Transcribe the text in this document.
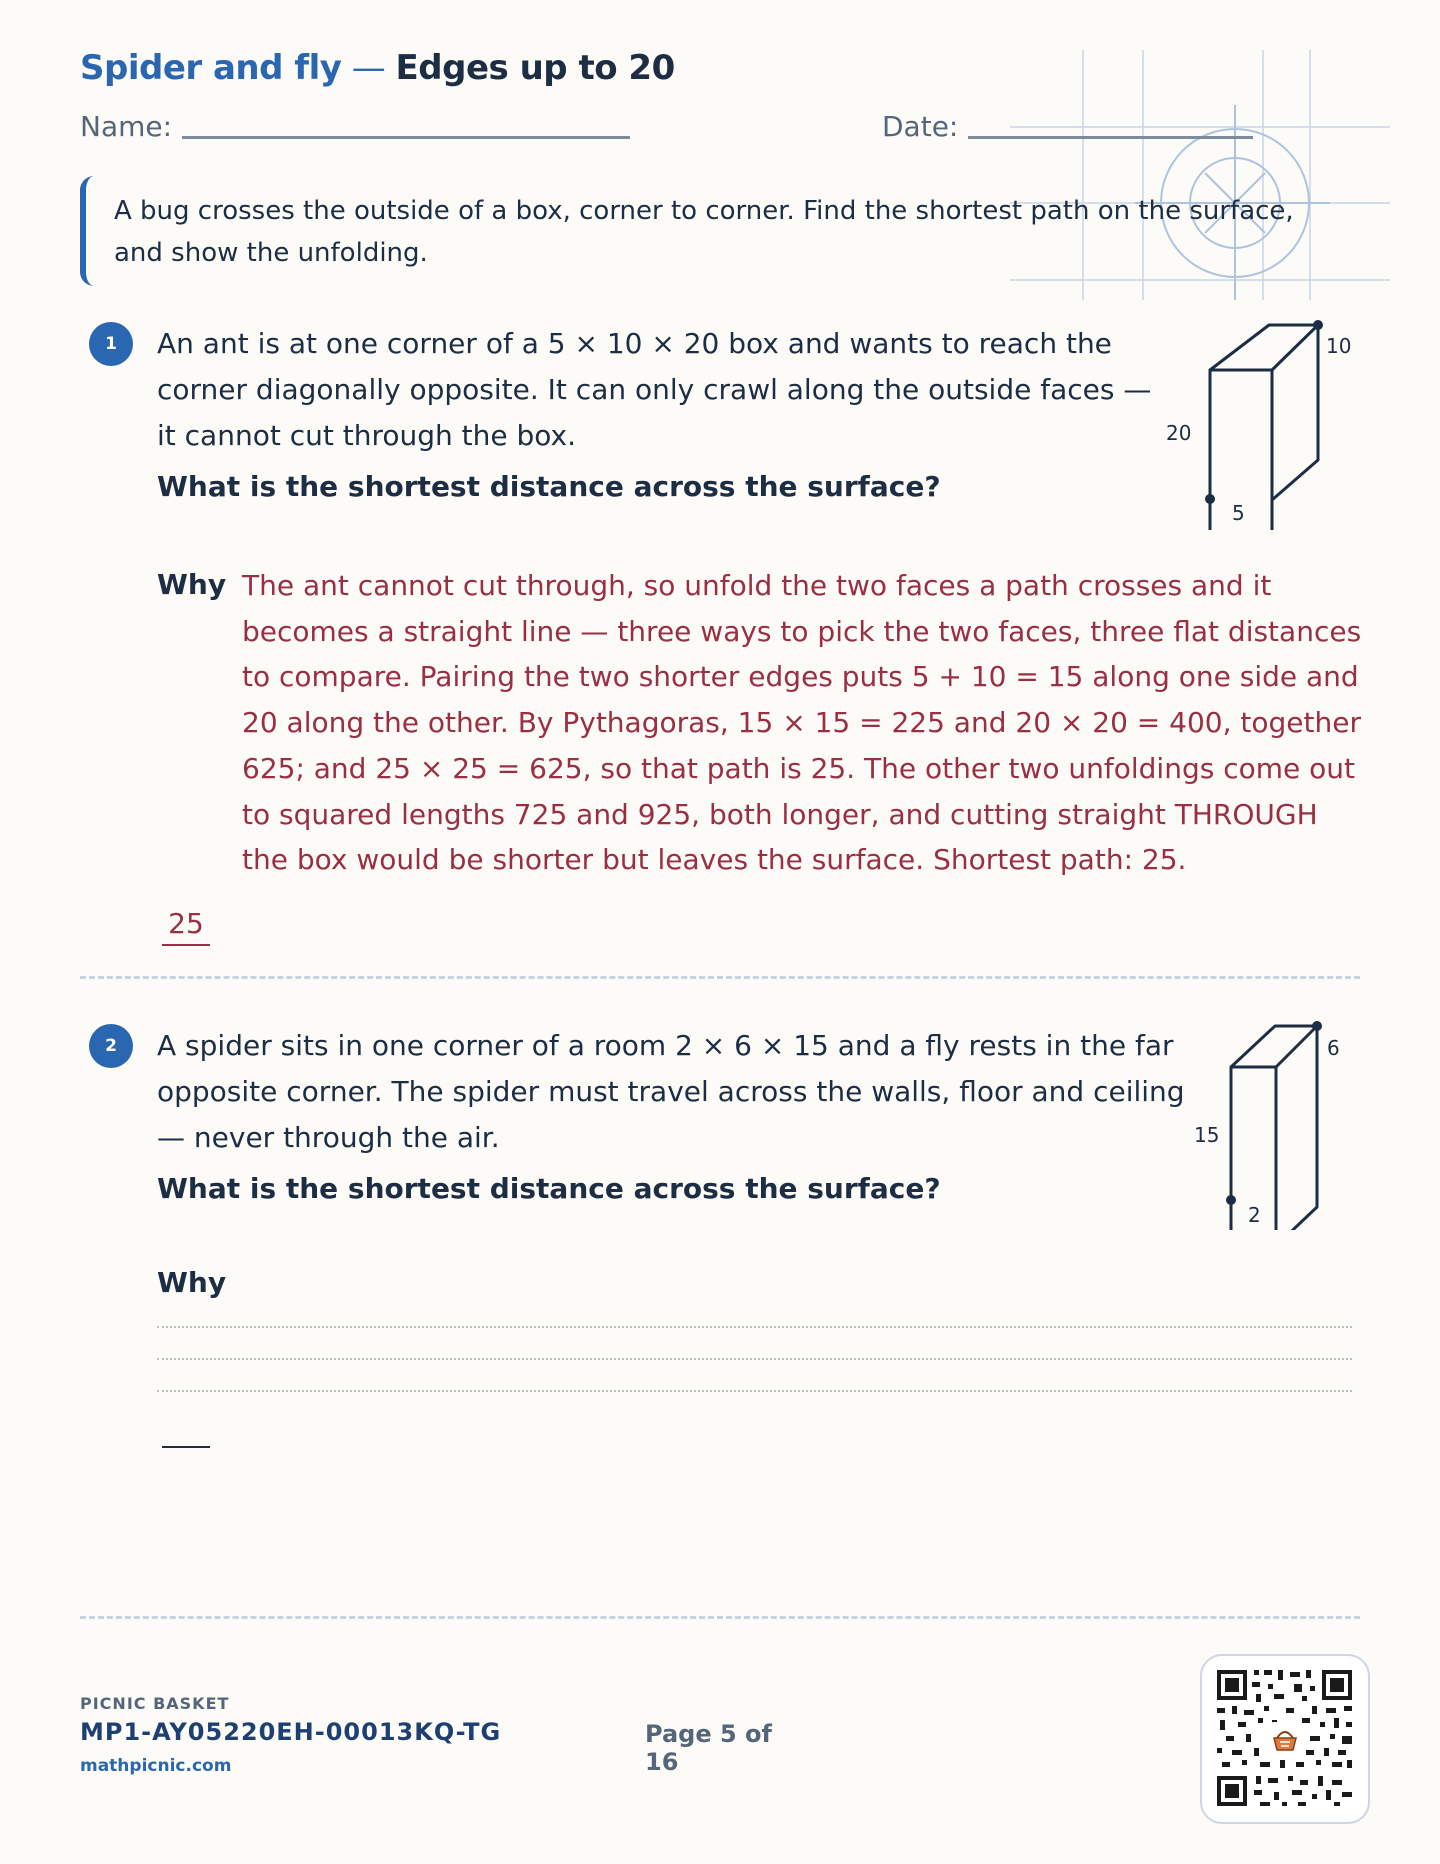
Spider and fly — Edges up to 20
Name:	Date:

A bug crosses the outside of a box, corner to corner. Find the shortest path on the surface, and show the unfolding.

1	An ant is at one corner of a 5 × 10 × 20 box and wants to reach the corner diagonally opposite. It can only crawl along the outside faces — it cannot cut through the box.

What is the shortest distance across the surface?
20
5
10
Why The ant cannot cut through, so unfold the two faces a path crosses and it becomes a straight line — three ways to pick the two faces, three flat distances to compare. Pairing the two shorter edges puts 5 + 10 = 15 along one side and 20 along the other. By Pythagoras, 15 × 15 = 225 and 20 × 20 = 400, together 625; and 25 × 25 = 625, so that path is 25. The other two unfoldings come out to squared lengths 725 and 925, both longer, and cutting straight THROUGH the box would be shorter but leaves the surface. Shortest path: 25.

25
2	A spider sits in one corner of a room 2 × 6 × 15 and a fly rests in the far opposite corner. The spider must travel across the walls, floor and ceiling — never through the air.

What is the shortest distance across the surface?
15
2
6
Why
PICNIC BASKET
MP1-AY05220EH-00013KQ-TG
mathpicnic.com
Page 5 of 16
